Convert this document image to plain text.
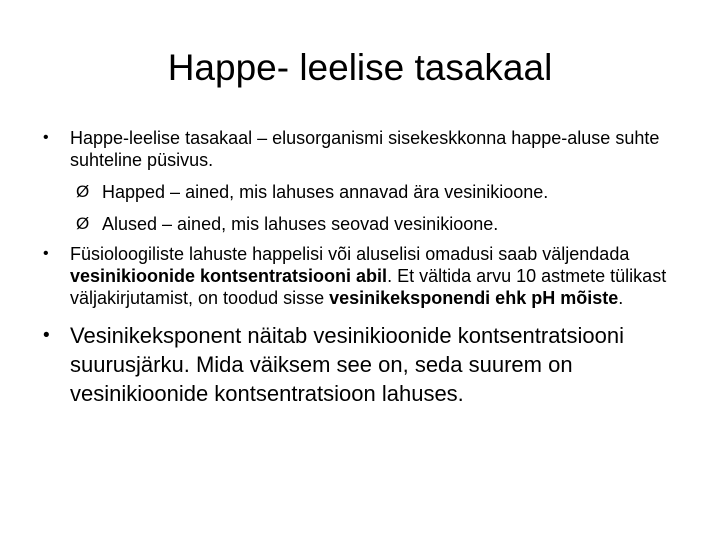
Happe- leelise tasakaal
• Happe-leelise tasakaal – elusorganismi sisekeskkonna happe-aluse suhte suhteline püsivus.
Ø Happed – ained, mis lahuses annavad ära vesinikioone.
Ø Alused – ained, mis lahuses seovad vesinikioone.
• Füsioloogiliste lahuste happelisi või aluselisi omadusi saab väljendada vesinikioonide kontsentratsiooni abil. Et vältida arvu 10 astmete tülikast väljakirjutamist, on toodud sisse vesinikeksponendi ehk pH mõiste.
• Vesinikeksponent näitab vesinikioonide kontsentratsiooni suurusjärku. Mida väiksem see on, seda suurem on vesinikioonide kontsentratsioon lahuses.
